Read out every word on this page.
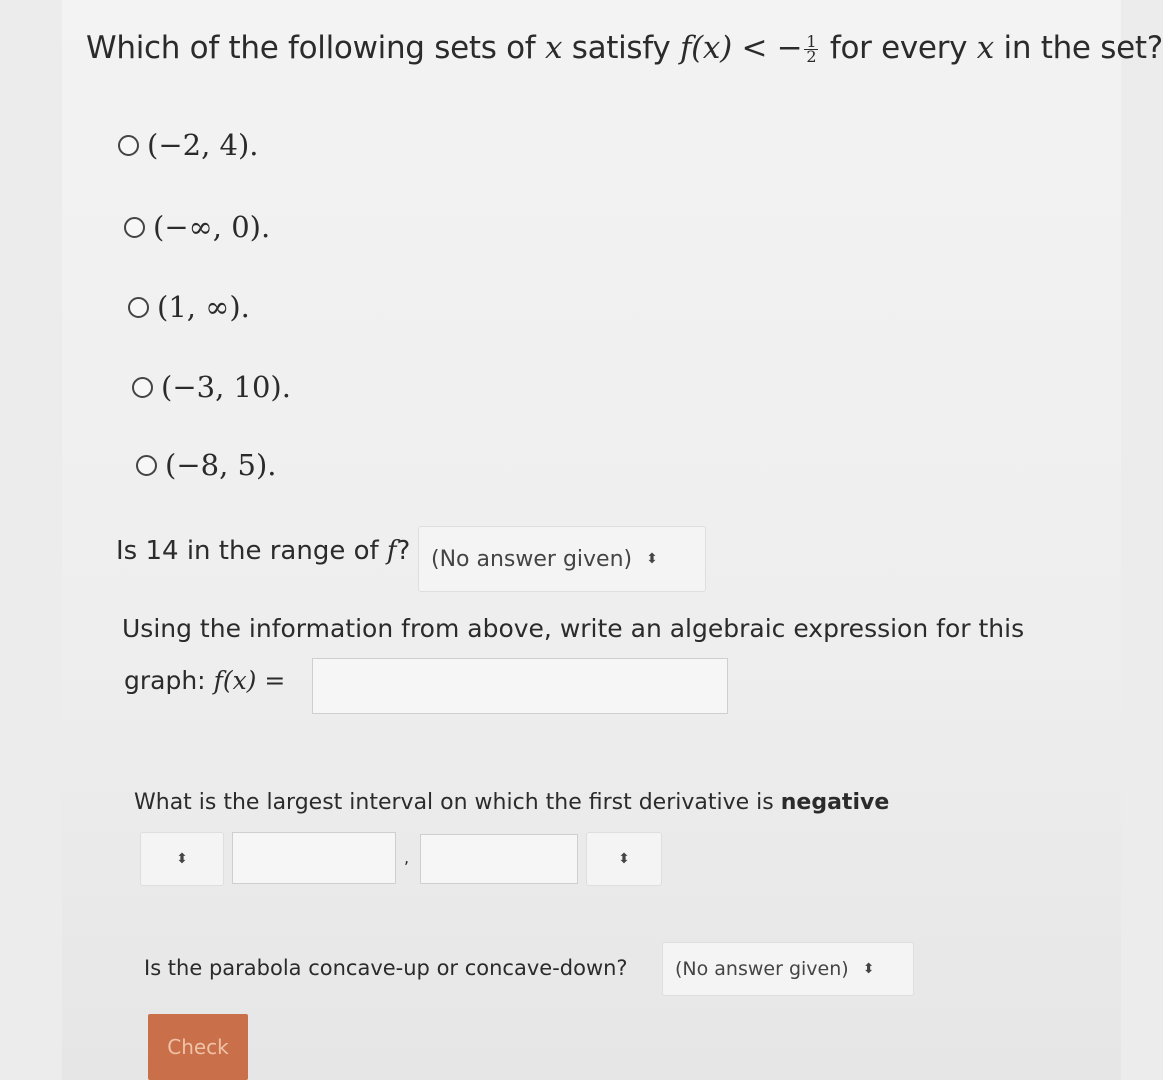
Which of the following sets of x satisfy f(x) < − $\frac{1}{2}$ for every x in the set?
(−2, 4).
(−∞, 0).
(1, ∞).
(−3, 10).
(−8, 5).
Is 14 in the range of f? (No answer given) ⬍
Using the information from above, write an algebraic expression for this
graph: f(x) =
What is the largest interval on which the first derivative is negative
⬍	,	⬍
Is the parabola concave-up or concave-down? (No answer given) ⬍
Check
